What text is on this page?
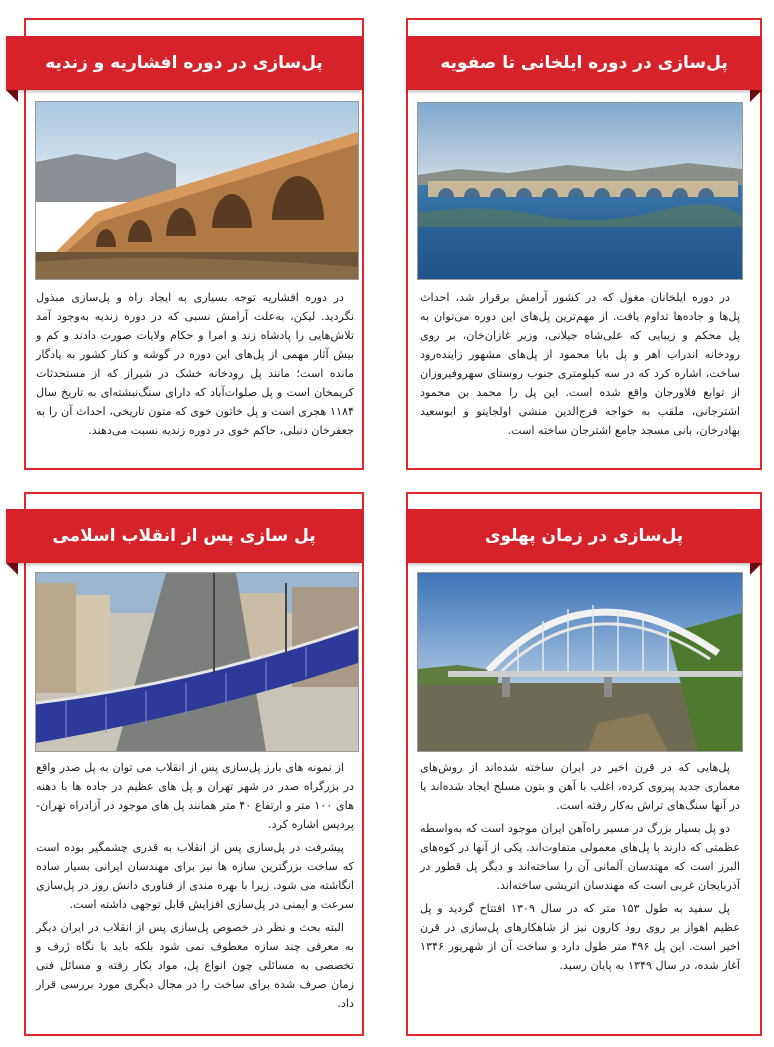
پل‌سازی در دوره ایلخانی تا صفویه

در دوره ایلخانان مغول که در کشور آرامش برقرار شد، احداث پل‌ها و جاده‌ها تداوم یافت. از مهم‌ترین پل‌های این دوره می‌توان به پل محکم و زیبایی که علی‌شاه جیلانی، وزیر غازان‌خان، بر روی رودخانه اندراب اهر و پل بابا محمود از پل‌های مشهور زاینده‌رود ساخت، اشاره کرد که در سه کیلومتری جنوب روستای سهروفیروزان از توابع فلاورجان واقع شده است. این پل را محمد بن محمود اشترجانی، ملقب به خواجه فرج‌الدین منشی اولجایتو و ابوسعید بهادرخان، بانی مسجد جامع اشترجان ساخته است.

پل‌سازی در دوره افشاریه و زندیه

در دوره افشاریه توجه بسیاری به ایجاد راه و پل‌سازی مبذول نگردید. لیکن، به‌علت آرامش نسبی که در دوره زندیه به‌وجود آمد تلاش‌هایی را پادشاه زند و امرا و حکام ولایات صورت دادند و کم و بیش آثار مهمی از پل‌های این دوره در گوشه و کنار کشور به یادگار مانده است؛ مانند پل رودخانه خشک در شیراز که از مستحدثات کریمخان است و پل صلوات‌آباد که دارای سنگ‌نبشته‌ای به تاریخ سال ۱۱۸۴ هجری است و پل خاتون خوی که متون تاریخی، احداث آن را به جعفرخان دنبلی، حاکم خوی در دوره زندیه نسبت می‌دهند.

پل‌سازی در زمان پهلوی

پل‌هایی که در قرن اخیر در ایران ساخته شده‌اند از روش‌های معماری جدید پیروی کرده، اغلب با آهن و بتون مسلح ایجاد شده‌اند یا در آنها سنگ‌های تراش به‌کار رفته است.

دو پل بسیار بزرگ در مسیر راه‌آهن ایران موجود است که به‌واسطه عظمتی که دارند با پل‌های معمولی متفاوت‌اند. یکی از آنها در کوه‌های البرز است که مهندسان آلمانی آن را ساخته‌اند و دیگر پل قطور در آذربایجان غربی است که مهندسان اتریشی ساخته‌اند.

پل سفید به طول ۱۵۳ متر که در سال ۱۳۰۹ افتتاح گردید و پل عظیم اهواز بر روی رود کارون نیز از شاهکارهای پل‌سازی در قرن اخیر است. این پل ۴۹۶ متر طول دارد و ساخت آن از شهریور ۱۳۴۶ آغاز شده، در سال ۱۳۴۹ به پایان رسید.

پل سازی پس از انقلاب اسلامی

از نمونه های بارز پل‌سازی پس از انقلاب می توان به پل صدر واقع در بزرگراه صدر در شهر تهران و پل های عظیم در جاده ها با دهنه های ۱۰۰ متر و ارتفاع ۴۰ متر همانند پل های موجود در آزادراه تهران-پردیس اشاره کرد.

پیشرفت در پل‌سازی پس از انقلاب به قدری چشمگیر بوده است که ساخت بزرگترین سازه ها نیز برای مهندسان ایرانی بسیار ساده انگاشته می شود. زیرا با بهره مندی از فناوری دانش روز در پل‌سازی سرعت و ایمنی در پل‌سازی افزایش قابل توجهی داشته است.

البته بحث و نظر در خصوص پل‌سازی پس از انقلاب در ایران دیگر به معرفی چند سازه معطوف نمی شود بلکه باید با نگاه ژرف و تخصصی به مسائلی چون انواع پل، مواد بکار رفته و مسائل فنی زمان صرف شده برای ساخت را در مجال دیگری مورد بررسی قرار داد.
